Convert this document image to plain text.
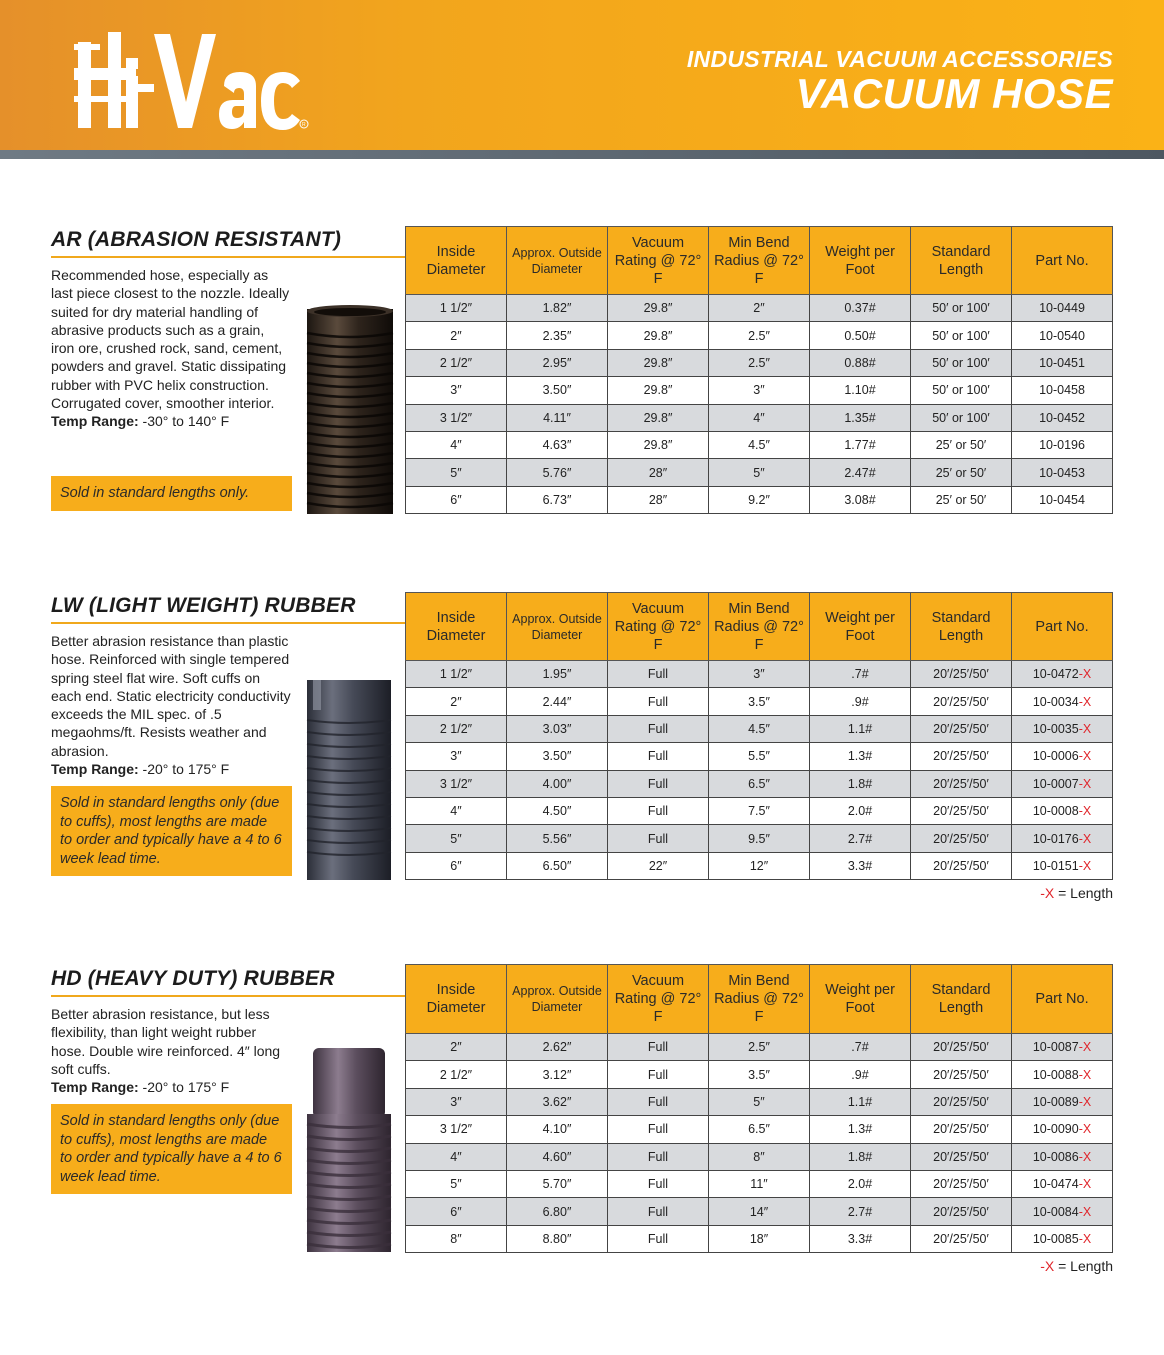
R
INDUSTRIAL VACUUM ACCESSORIES
VACUUM HOSE
AR (ABRASION RESISTANT)
Recommended hose, especially as last piece closest to the nozzle. Ideally suited for dry material handling of abrasive products such as a grain, iron ore, crushed rock, sand, cement, powders and gravel. Static dissipating rubber with PVC helix construction. Corrugated cover, smoother interior.
Temp Range: -30° to 140° F
Sold in standard lengths only.
Inside Diameter	Approx. Outside Diameter	Vacuum Rating @ 72° F	Min Bend Radius @ 72° F	Weight per Foot	Standard Length	Part No.
1 1/2″	1.82″	29.8″	2″	0.37#	50′ or 100′	10-0449
2″	2.35″	29.8″	2.5″	0.50#	50′ or 100′	10-0540
2 1/2″	2.95″	29.8″	2.5″	0.88#	50′ or 100′	10-0451
3″	3.50″	29.8″	3″	1.10#	50′ or 100′	10-0458
3 1/2″	4.11″	29.8″	4″	1.35#	50′ or 100′	10-0452
4″	4.63″	29.8″	4.5″	1.77#	25′ or 50′	10-0196
5″	5.76″	28″	5″	2.47#	25′ or 50′	10-0453
6″	6.73″	28″	9.2″	3.08#	25′ or 50′	10-0454
LW (LIGHT WEIGHT) RUBBER
Better abrasion resistance than plastic hose. Reinforced with single tempered spring steel flat wire. Soft cuffs on each end. Static electricity conductivity exceeds the MIL spec. of .5 megaohms/ft. Resists weather and abrasion.
Temp Range: -20° to 175° F
Sold in standard lengths only (due to cuffs), most lengths are made to order and typically have a 4 to 6 week lead time.
Inside Diameter	Approx. Outside Diameter	Vacuum Rating @ 72° F	Min Bend Radius @ 72° F	Weight per Foot	Standard Length	Part No.
1 1/2″	1.95″	Full	3″	.7#	20′/25′/50′	10-0472-X
2″	2.44″	Full	3.5″	.9#	20′/25′/50′	10-0034-X
2 1/2″	3.03″	Full	4.5″	1.1#	20′/25′/50′	10-0035-X
3″	3.50″	Full	5.5″	1.3#	20′/25′/50′	10-0006-X
3 1/2″	4.00″	Full	6.5″	1.8#	20′/25′/50′	10-0007-X
4″	4.50″	Full	7.5″	2.0#	20′/25′/50′	10-0008-X
5″	5.56″	Full	9.5″	2.7#	20′/25′/50′	10-0176-X
6″	6.50″	22″	12″	3.3#	20′/25′/50′	10-0151-X
-X = Length
HD (HEAVY DUTY) RUBBER
Better abrasion resistance, but less flexibility, than light weight rubber hose. Double wire reinforced. 4″ long soft cuffs.
Temp Range: -20° to 175° F
Sold in standard lengths only (due to cuffs), most lengths are made to order and typically have a 4 to 6 week lead time.
Inside Diameter	Approx. Outside Diameter	Vacuum Rating @ 72° F	Min Bend Radius @ 72° F	Weight per Foot	Standard Length	Part No.
2″	2.62″	Full	2.5″	.7#	20′/25′/50′	10-0087-X
2 1/2″	3.12″	Full	3.5″	.9#	20′/25′/50′	10-0088-X
3″	3.62″	Full	5″	1.1#	20′/25′/50′	10-0089-X
3 1/2″	4.10″	Full	6.5″	1.3#	20′/25′/50′	10-0090-X
4″	4.60″	Full	8″	1.8#	20′/25′/50′	10-0086-X
5″	5.70″	Full	11″	2.0#	20′/25′/50′	10-0474-X
6″	6.80″	Full	14″	2.7#	20′/25′/50′	10-0084-X
8″	8.80″	Full	18″	3.3#	20′/25′/50′	10-0085-X
-X = Length
